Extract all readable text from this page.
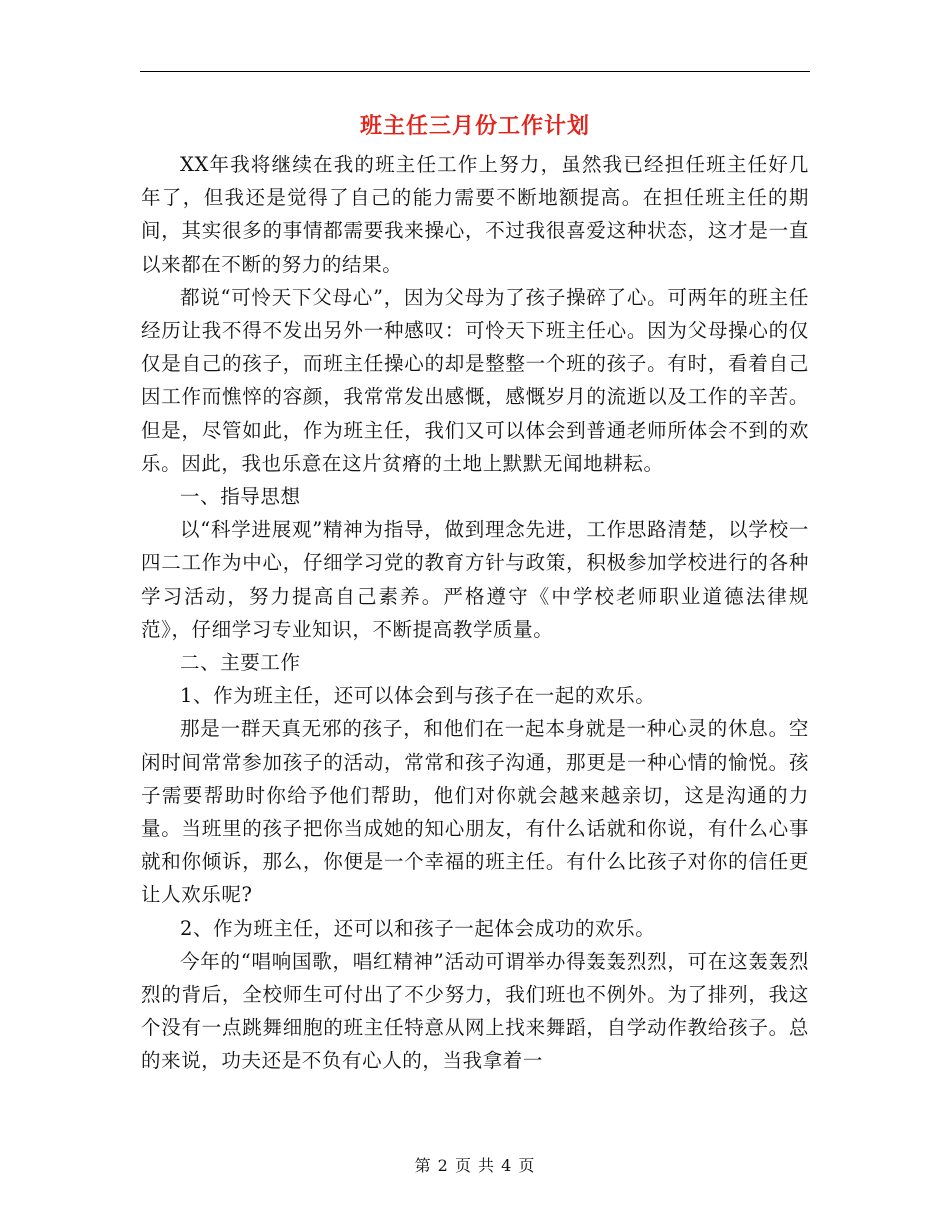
班主任三月份工作计划

XX年我将继续在我的班主任工作上努力，虽然我已经担任班主任好几年了，但我还是觉得了自己的能力需要不断地额提高。在担任班主任的期间，其实很多的事情都需要我来操心，不过我很喜爱这种状态，这才是一直以来都在不断的努力的结果。

都说“可怜天下父母心”，因为父母为了孩子操碎了心。可两年的班主任经历让我不得不发出另外一种感叹：可怜天下班主任心。因为父母操心的仅仅是自己的孩子，而班主任操心的却是整整一个班的孩子。有时，看着自己因工作而憔悴的容颜，我常常发出感慨，感慨岁月的流逝以及工作的辛苦。但是，尽管如此，作为班主任，我们又可以体会到普通老师所体会不到的欢乐。因此，我也乐意在这片贫瘠的土地上默默无闻地耕耘。

一、指导思想

以“科学进展观”精神为指导，做到理念先进，工作思路清楚，以学校一四二工作为中心，仔细学习党的教育方针与政策，积极参加学校进行的各种学习活动，努力提高自己素养。严格遵守《中学校老师职业道德法律规范》，仔细学习专业知识，不断提高教学质量。

二、主要工作

1、作为班主任，还可以体会到与孩子在一起的欢乐。

那是一群天真无邪的孩子，和他们在一起本身就是一种心灵的休息。空闲时间常常参加孩子的活动，常常和孩子沟通，那更是一种心情的愉悦。孩子需要帮助时你给予他们帮助，他们对你就会越来越亲切，这是沟通的力量。当班里的孩子把你当成她的知心朋友，有什么话就和你说，有什么心事就和你倾诉，那么，你便是一个幸福的班主任。有什么比孩子对你的信任更让人欢乐呢?

2、作为班主任，还可以和孩子一起体会成功的欢乐。

今年的“唱响国歌，唱红精神”活动可谓举办得轰轰烈烈，可在这轰轰烈烈的背后，全校师生可付出了不少努力，我们班也不例外。为了排列，我这个没有一点跳舞细胞的班主任特意从网上找来舞蹈，自学动作教给孩子。总的来说，功夫还是不负有心人的，当我拿着一

第 2 页 共 4 页
